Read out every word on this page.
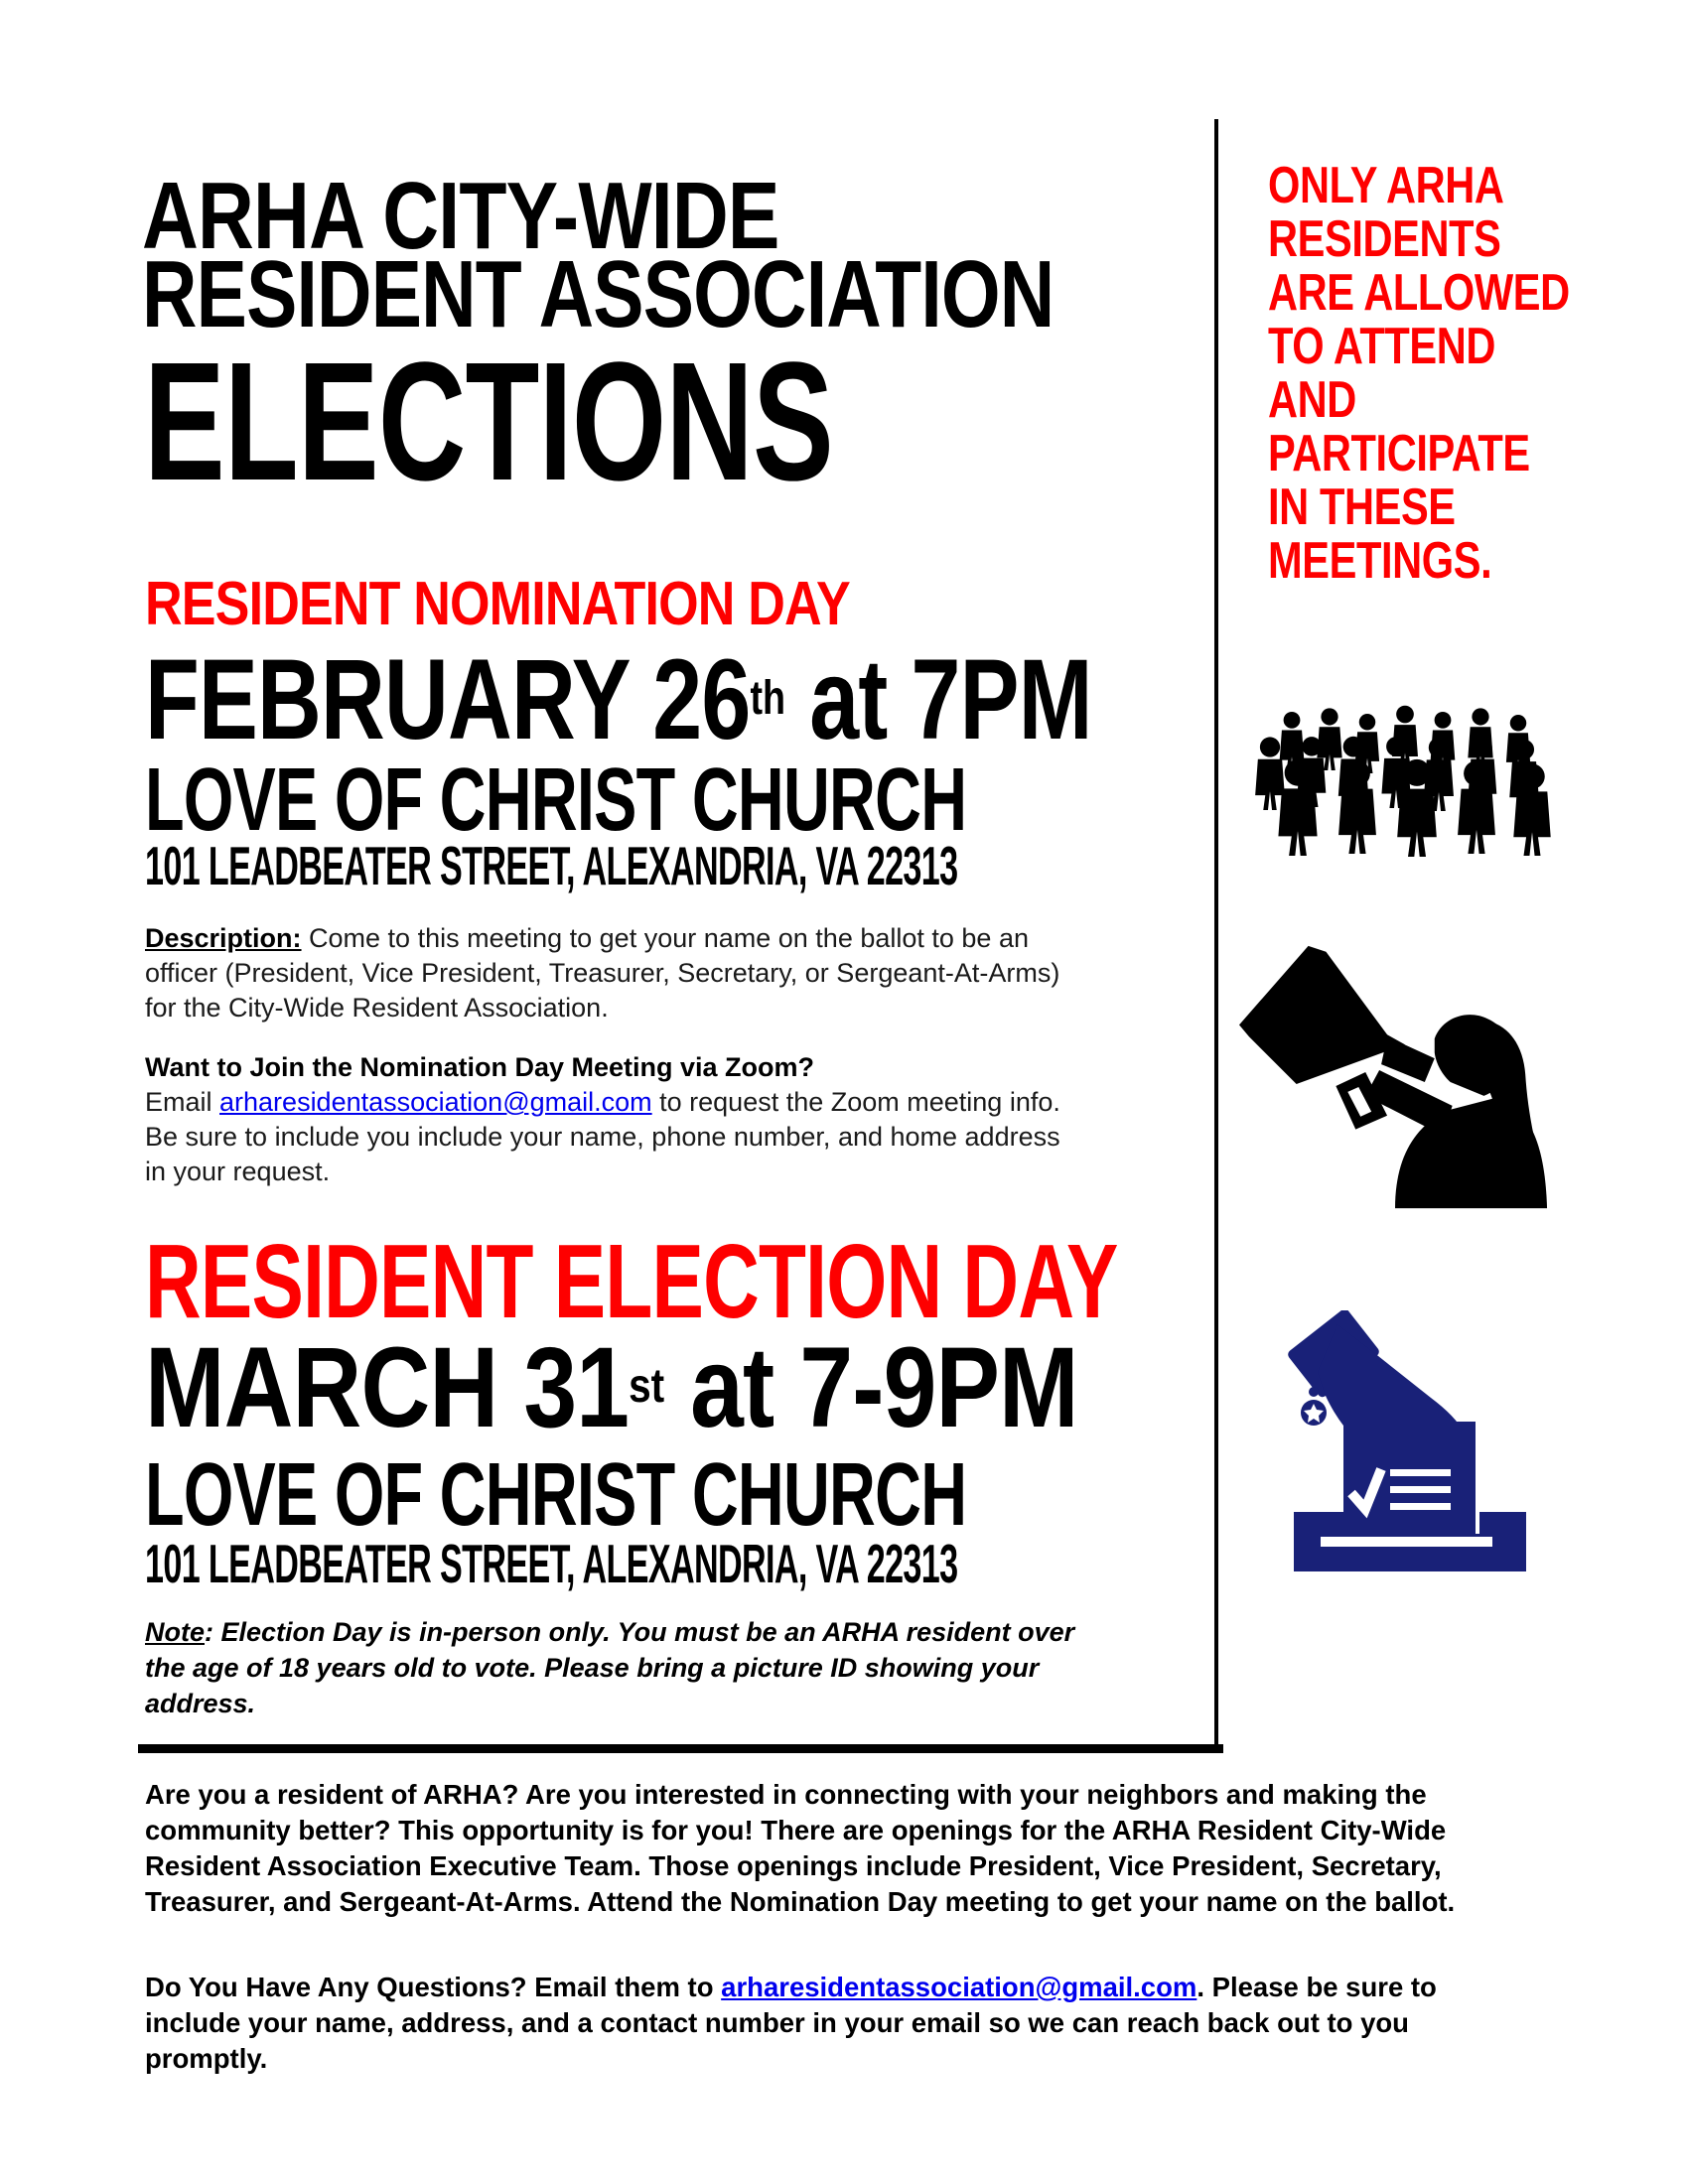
ARHA CITY-WIDE
RESIDENT ASSOCIATION
ELECTIONS
RESIDENT NOMINATION DAY
FEBRUARY 26th at 7PM
LOVE OF CHRIST CHURCH
101 LEADBEATER STREET, ALEXANDRIA, VA 22313
Description: Come to this meeting to get your name on the ballot to be an officer (President, Vice President, Treasurer, Secretary, or Sergeant-At-Arms) for the City-Wide Resident Association.
Want to Join the Nomination Day Meeting via Zoom?
Email arharesidentassociation@gmail.com to request the Zoom meeting info. Be sure to include you include your name, phone number, and home address in your request.
RESIDENT ELECTION DAY
MARCH 31st at 7-9PM
LOVE OF CHRIST CHURCH
101 LEADBEATER STREET, ALEXANDRIA, VA 22313
Note: Election Day is in-person only. You must be an ARHA resident over the age of 18 years old to vote. Please bring a picture ID showing your address.
ONLY ARHA
RESIDENTS
ARE ALLOWED
TO ATTEND
AND
PARTICIPATE
IN THESE
MEETINGS.
Are you a resident of ARHA? Are you interested in connecting with your neighbors and making the community better? This opportunity is for you! There are openings for the ARHA Resident City-Wide Resident Association Executive Team. Those openings include President, Vice President, Secretary, Treasurer, and Sergeant-At-Arms. Attend the Nomination Day meeting to get your name on the ballot.
Do You Have Any Questions? Email them to arharesidentassociation@gmail.com. Please be sure to include your name, address, and a contact number in your email so we can reach back out to you promptly.
